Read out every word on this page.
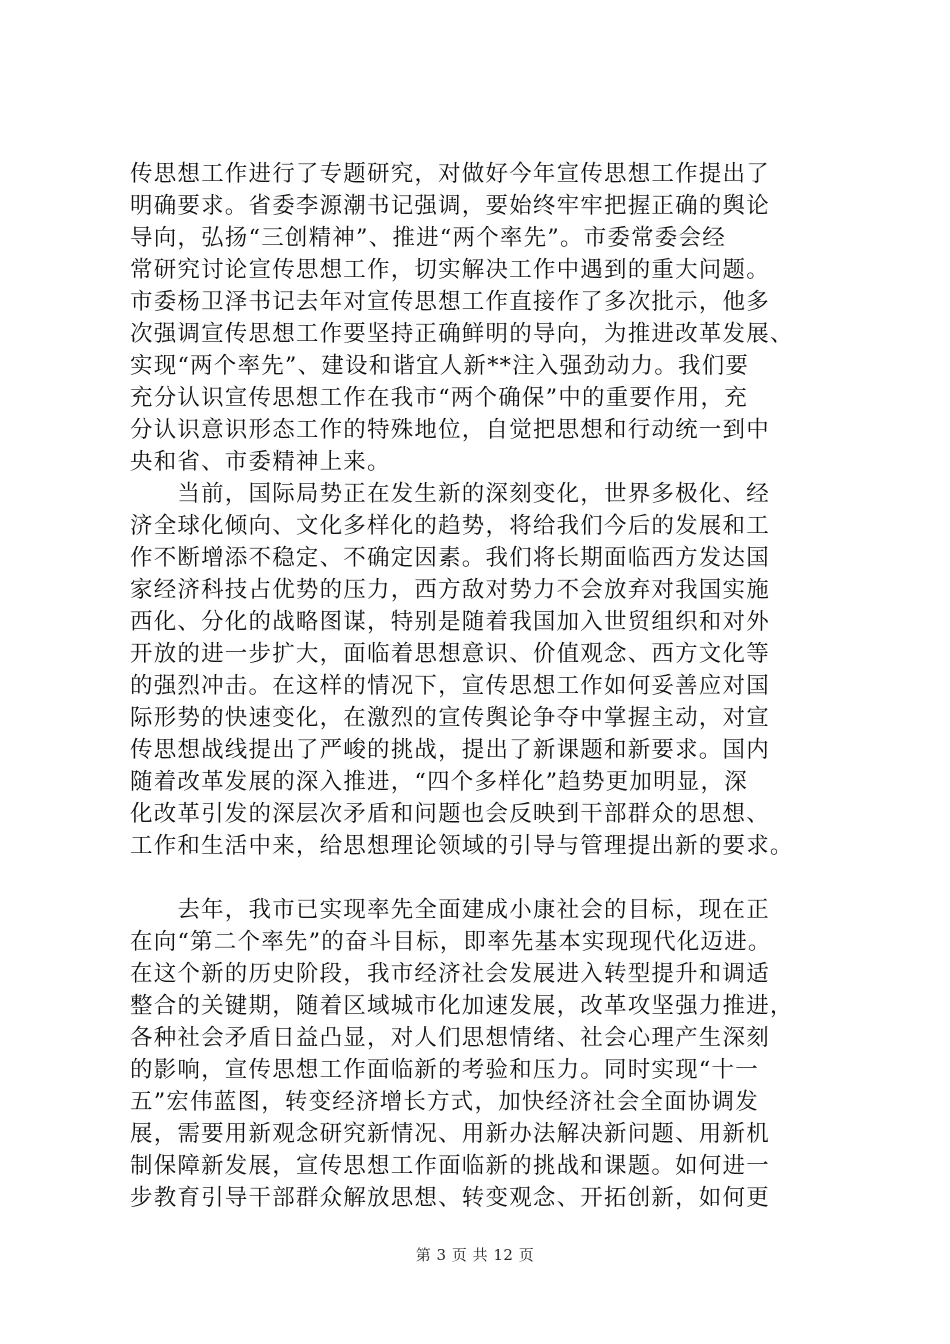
传思想工作进行了专题研究，对做好今年宣传思想工作提出了
明确要求。省委李源潮书记强调，要始终牢牢把握正确的舆论
导向，弘扬“三创精神”、推进“两个率先”。市委常委会经
常研究讨论宣传思想工作，切实解决工作中遇到的重大问题。
市委杨卫泽书记去年对宣传思想工作直接作了多次批示，他多
次强调宣传思想工作要坚持正确鲜明的导向，为推进改革发展、
实现“两个率先”、建设和谐宜人新**注入强劲动力。我们要
充分认识宣传思想工作在我市“两个确保”中的重要作用，充
分认识意识形态工作的特殊地位，自觉把思想和行动统一到中
央和省、市委精神上来。
　　当前，国际局势正在发生新的深刻变化，世界多极化、经
济全球化倾向、文化多样化的趋势，将给我们今后的发展和工
作不断增添不稳定、不确定因素。我们将长期面临西方发达国
家经济科技占优势的压力，西方敌对势力不会放弃对我国实施
西化、分化的战略图谋，特别是随着我国加入世贸组织和对外
开放的进一步扩大，面临着思想意识、价值观念、西方文化等
的强烈冲击。在这样的情况下，宣传思想工作如何妥善应对国
际形势的快速变化，在激烈的宣传舆论争夺中掌握主动，对宣
传思想战线提出了严峻的挑战，提出了新课题和新要求。国内
随着改革发展的深入推进，“四个多样化”趋势更加明显，深
化改革引发的深层次矛盾和问题也会反映到干部群众的思想、
工作和生活中来，给思想理论领域的引导与管理提出新的要求。
　　去年，我市已实现率先全面建成小康社会的目标，现在正
在向“第二个率先”的奋斗目标，即率先基本实现现代化迈进。
在这个新的历史阶段，我市经济社会发展进入转型提升和调适
整合的关键期，随着区域城市化加速发展，改革攻坚强力推进，
各种社会矛盾日益凸显，对人们思想情绪、社会心理产生深刻
的影响，宣传思想工作面临新的考验和压力。同时实现“十一
五”宏伟蓝图，转变经济增长方式，加快经济社会全面协调发
展，需要用新观念研究新情况、用新办法解决新问题、用新机
制保障新发展，宣传思想工作面临新的挑战和课题。如何进一
步教育引导干部群众解放思想、转变观念、开拓创新，如何更
第 3 页 共 12 页
